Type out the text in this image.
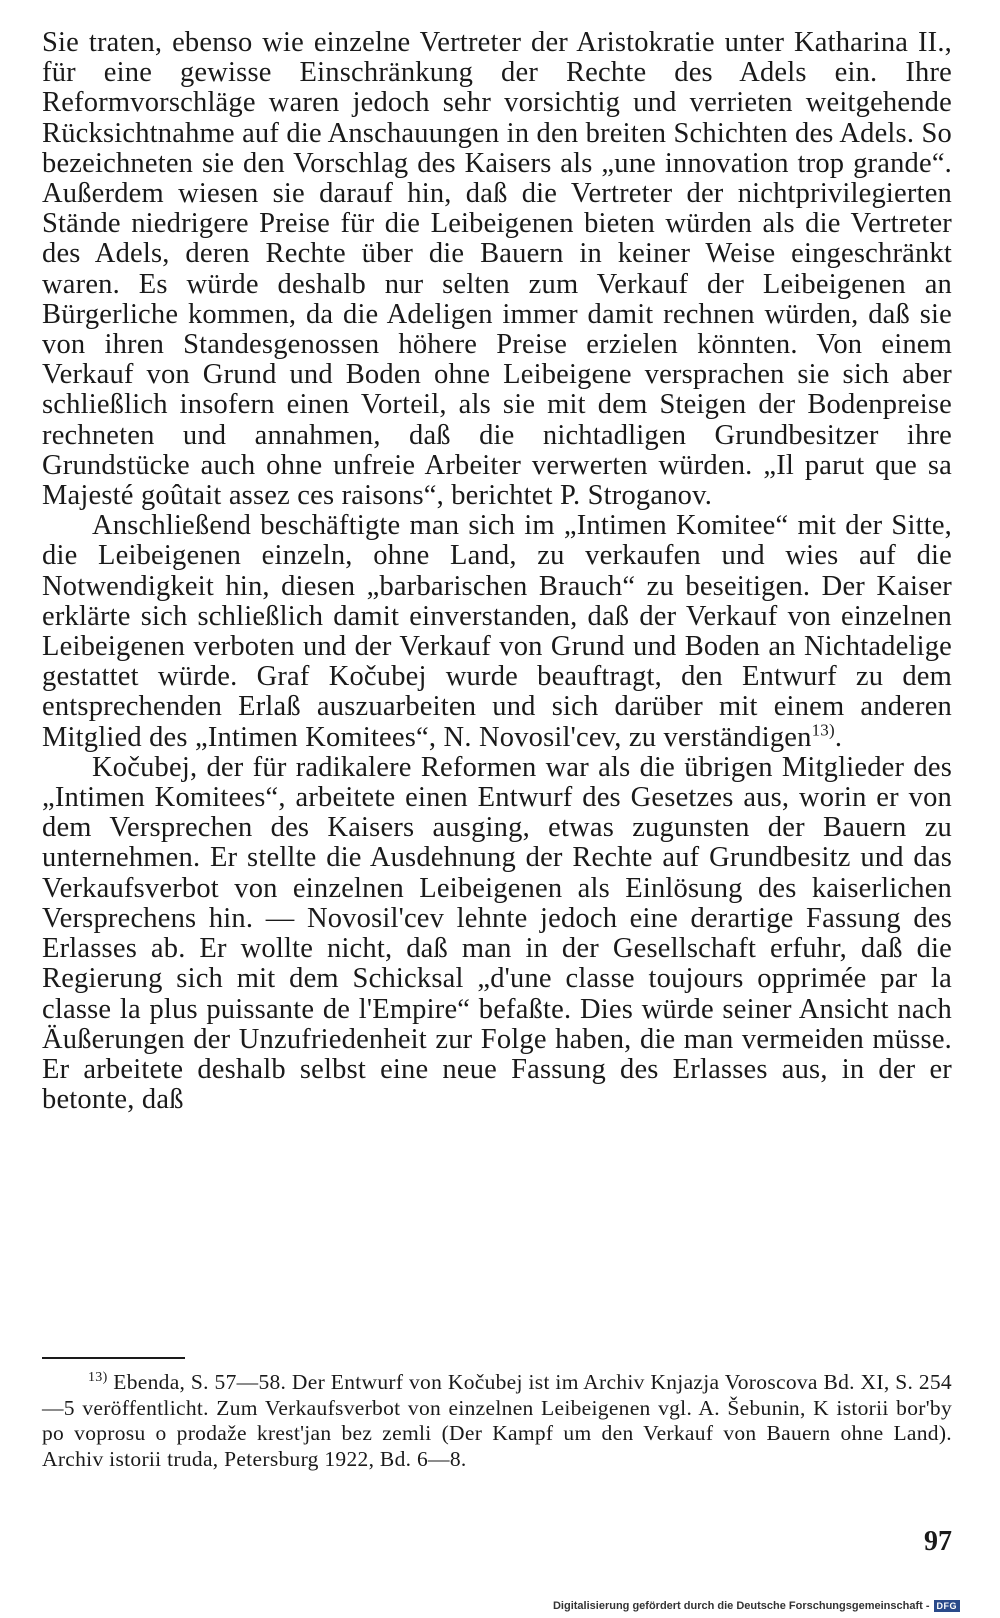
Sie traten, ebenso wie einzelne Vertreter der Aristokratie unter Katharina II., für eine gewisse Einschränkung der Rechte des Adels ein. Ihre Reformvorschläge waren jedoch sehr vorsichtig und verrieten weitgehende Rücksichtnahme auf die Anschauungen in den breiten Schichten des Adels. So bezeichneten sie den Vorschlag des Kaisers als „une innovation trop grande“. Außerdem wiesen sie darauf hin, daß die Vertreter der nichtprivilegierten Stände niedrigere Preise für die Leibeigenen bieten würden als die Vertreter des Adels, deren Rechte über die Bauern in keiner Weise eingeschränkt waren. Es würde deshalb nur selten zum Verkauf der Leibeigenen an Bürgerliche kommen, da die Adeligen immer damit rechnen würden, daß sie von ihren Standesgenossen höhere Preise erzielen könnten. Von einem Verkauf von Grund und Boden ohne Leibeigene versprachen sie sich aber schließlich insofern einen Vorteil, als sie mit dem Steigen der Bodenpreise rechneten und annahmen, daß die nichtadligen Grundbesitzer ihre Grundstücke auch ohne unfreie Arbeiter verwerten würden. „Il parut que sa Majesté goûtait assez ces raisons“, berichtet P. Stroganov.

Anschließend beschäftigte man sich im „Intimen Komitee“ mit der Sitte, die Leibeigenen einzeln, ohne Land, zu verkaufen und wies auf die Notwendigkeit hin, diesen „barbarischen Brauch“ zu beseitigen. Der Kaiser erklärte sich schließlich damit einverstanden, daß der Verkauf von einzelnen Leibeigenen verboten und der Verkauf von Grund und Boden an Nichtadelige gestattet würde. Graf Kočubej wurde beauftragt, den Entwurf zu dem entsprechenden Erlaß auszuarbeiten und sich darüber mit einem anderen Mitglied des „Intimen Komitees“, N. Novosil'cev, zu verständigen$^{13)}$.

Kočubej, der für radikalere Reformen war als die übrigen Mitglieder des „Intimen Komitees“, arbeitete einen Entwurf des Gesetzes aus, worin er von dem Versprechen des Kaisers ausging, etwas zugunsten der Bauern zu unternehmen. Er stellte die Ausdehnung der Rechte auf Grundbesitz und das Verkaufsverbot von einzelnen Leibeigenen als Einlösung des kaiserlichen Versprechens hin. — Novosil'cev lehnte jedoch eine derartige Fassung des Erlasses ab. Er wollte nicht, daß man in der Gesellschaft erfuhr, daß die Regierung sich mit dem Schicksal „d'une classe toujours opprimée par la classe la plus puissante de l'Empire“ befaßte. Dies würde seiner Ansicht nach Äußerungen der Unzufriedenheit zur Folge haben, die man vermeiden müsse. Er arbeitete deshalb selbst eine neue Fassung des Erlasses aus, in der er betonte, daß

$^{13)}$ Ebenda, S. 57—58. Der Entwurf von Kočubej ist im Archiv Knjazja Voroscova Bd. XI, S. 254—5 veröffentlicht. Zum Verkaufsverbot von einzelnen Leibeigenen vgl. A. Šebunin, K istorii bor'by po voprosu o prodaže krest'jan bez zemli (Der Kampf um den Verkauf von Bauern ohne Land). Archiv istorii truda, Petersburg 1922, Bd. 6—8.

97
Digitalisierung gefördert durch die Deutsche Forschungsgemeinschaft - DFG
